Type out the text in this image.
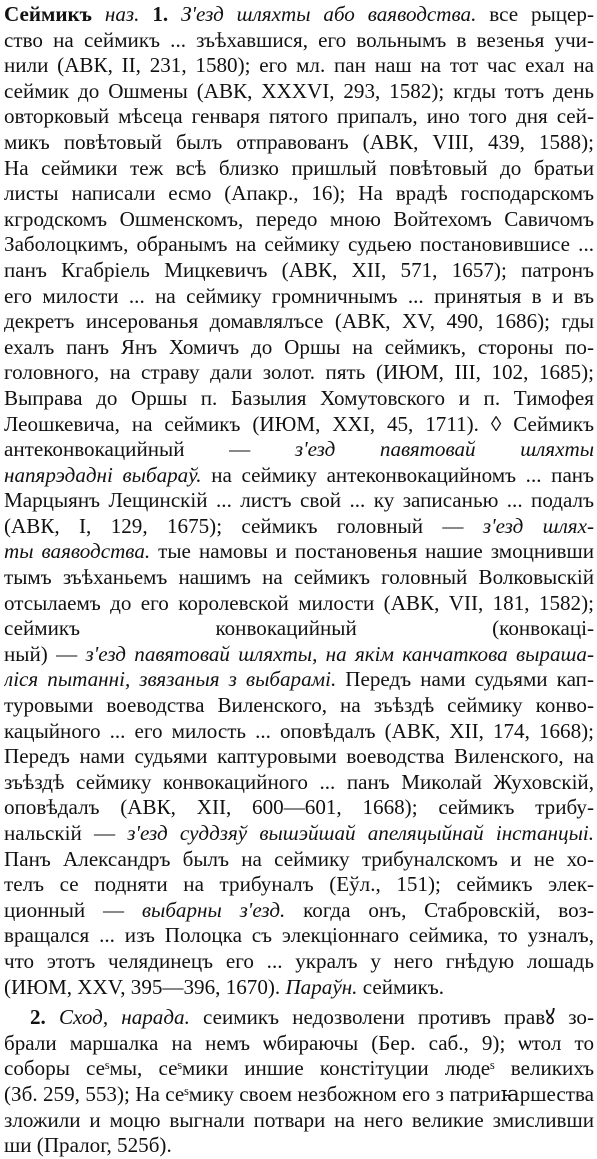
Сеймикъ наз. 1. З'езд шляхты або ваяводства. все рыцер-
ство на сеймикъ ... зъѣхавшися, его вольнымъ в везенья учи-
нили (АВК, II, 231, 1580); его мл. пан наш на тот час ехал на
сеймик до Ошмены (АВК, XXXVI, 293, 1582); кгды тотъ день
овторковый мѣсеца генваря пятого припалъ, ино того дня сей-
микъ повѣтовый былъ отправованъ (АВК, VIII, 439, 1588);
На сеймики теж всѣ близко пришлый повѣтовый до братьи
листы написали есмо (Апакр., 16); На врадѣ господарскомъ
кгродскомъ Ошменскомъ, передо мною Войтехомъ Савичомъ
Заболоцкимъ, обранымъ на сеймику судьею постановившисе ...
панъ Кгабріель Мицкевичъ (АВК, XII, 571, 1657); патронъ
его милости ... на сеймику громничнымъ ... принятыя в и въ
декретъ инсерованья домавлялъсе (АВК, XV, 490, 1686); гды
ехалъ панъ Янъ Хомичъ до Оршы на сеймикъ, стороны по-
головного, на страву дали золот. пять (ИЮМ, III, 102, 1685);
Выправа до Оршы п. Базылия Хомутовского и п. Тимофея
Леошкевича, на сеймикъ (ИЮМ, XXI, 45, 1711). ◊ Сеймикъ
антеконвокацийный — з'езд павятовай шляхты
напярэдадні выбараў. на сеймику антеконвокацийномъ ... панъ
Марцыянъ Лещинскій ... листъ свой ... ку записанью ... подалъ
(АВК, I, 129, 1675); сеймикъ головный — з'езд шлях-
ты ваяводства. тые намовы и постановенья нашие змоцнивши
тымъ зъѣханьемъ нашимъ на сеймикъ головный Волковыскій
отсылаемъ до его королевской милости (АВК, VII, 181, 1582);
сеймикъ конвокацийный (конвокаці-
ный) — з'езд павятовай шляхты, на якім канчаткова выраша-
ліся пытанні, звязаныя з выбарамі. Передъ нами судьями кап-
туровыми воеводства Виленского, на зъѣздѣ сеймику конво-
кацыйного ... его милость ... оповѣдалъ (АВК, XII, 174, 1668);
Передъ нами судьями каптуровыми воеводства Виленского, на
зъѣздѣ сеймику конвокацийного ... панъ Миколай Жуховскій,
оповѣдалъ (АВК, XII, 600—601, 1668); сеймикъ трибу-
нальскій — з'езд суддзяў вышэйшай апеляцыйнай інстанцыі.
Панъ Александръ былъ на сеймику трибуналскомъ и не хо-
телъ се подняти на трибуналъ (Еўл., 151); сеймикъ элек-
ционный — выбарны з'езд. когда онъ, Стабровскій, воз-
вращался ... изъ Полоцка съ элекціоннаго сеймика, то узналъ,
что этотъ челядинецъ его ... укралъ у него гнѣдую лошадь
(ИЮМ, XXV, 395—396, 1670). Параўн. сеймикъ.
2. Сход, нарада. сеимикъ недозволени противъ правꙋ зо-
брали маршалка на немъ ѡбираючы (Бер. саб., 9); ѡтол то
соборы сеˢмы, сеˢмики иншие констітуции людеˢ великихъ
(Зб. 259, 553); На сеˢмику своем незбожном его з патриꙗршества
зложили и моцю выгнали потвари на него великие змисливши
ши (Пралог, 525б).
